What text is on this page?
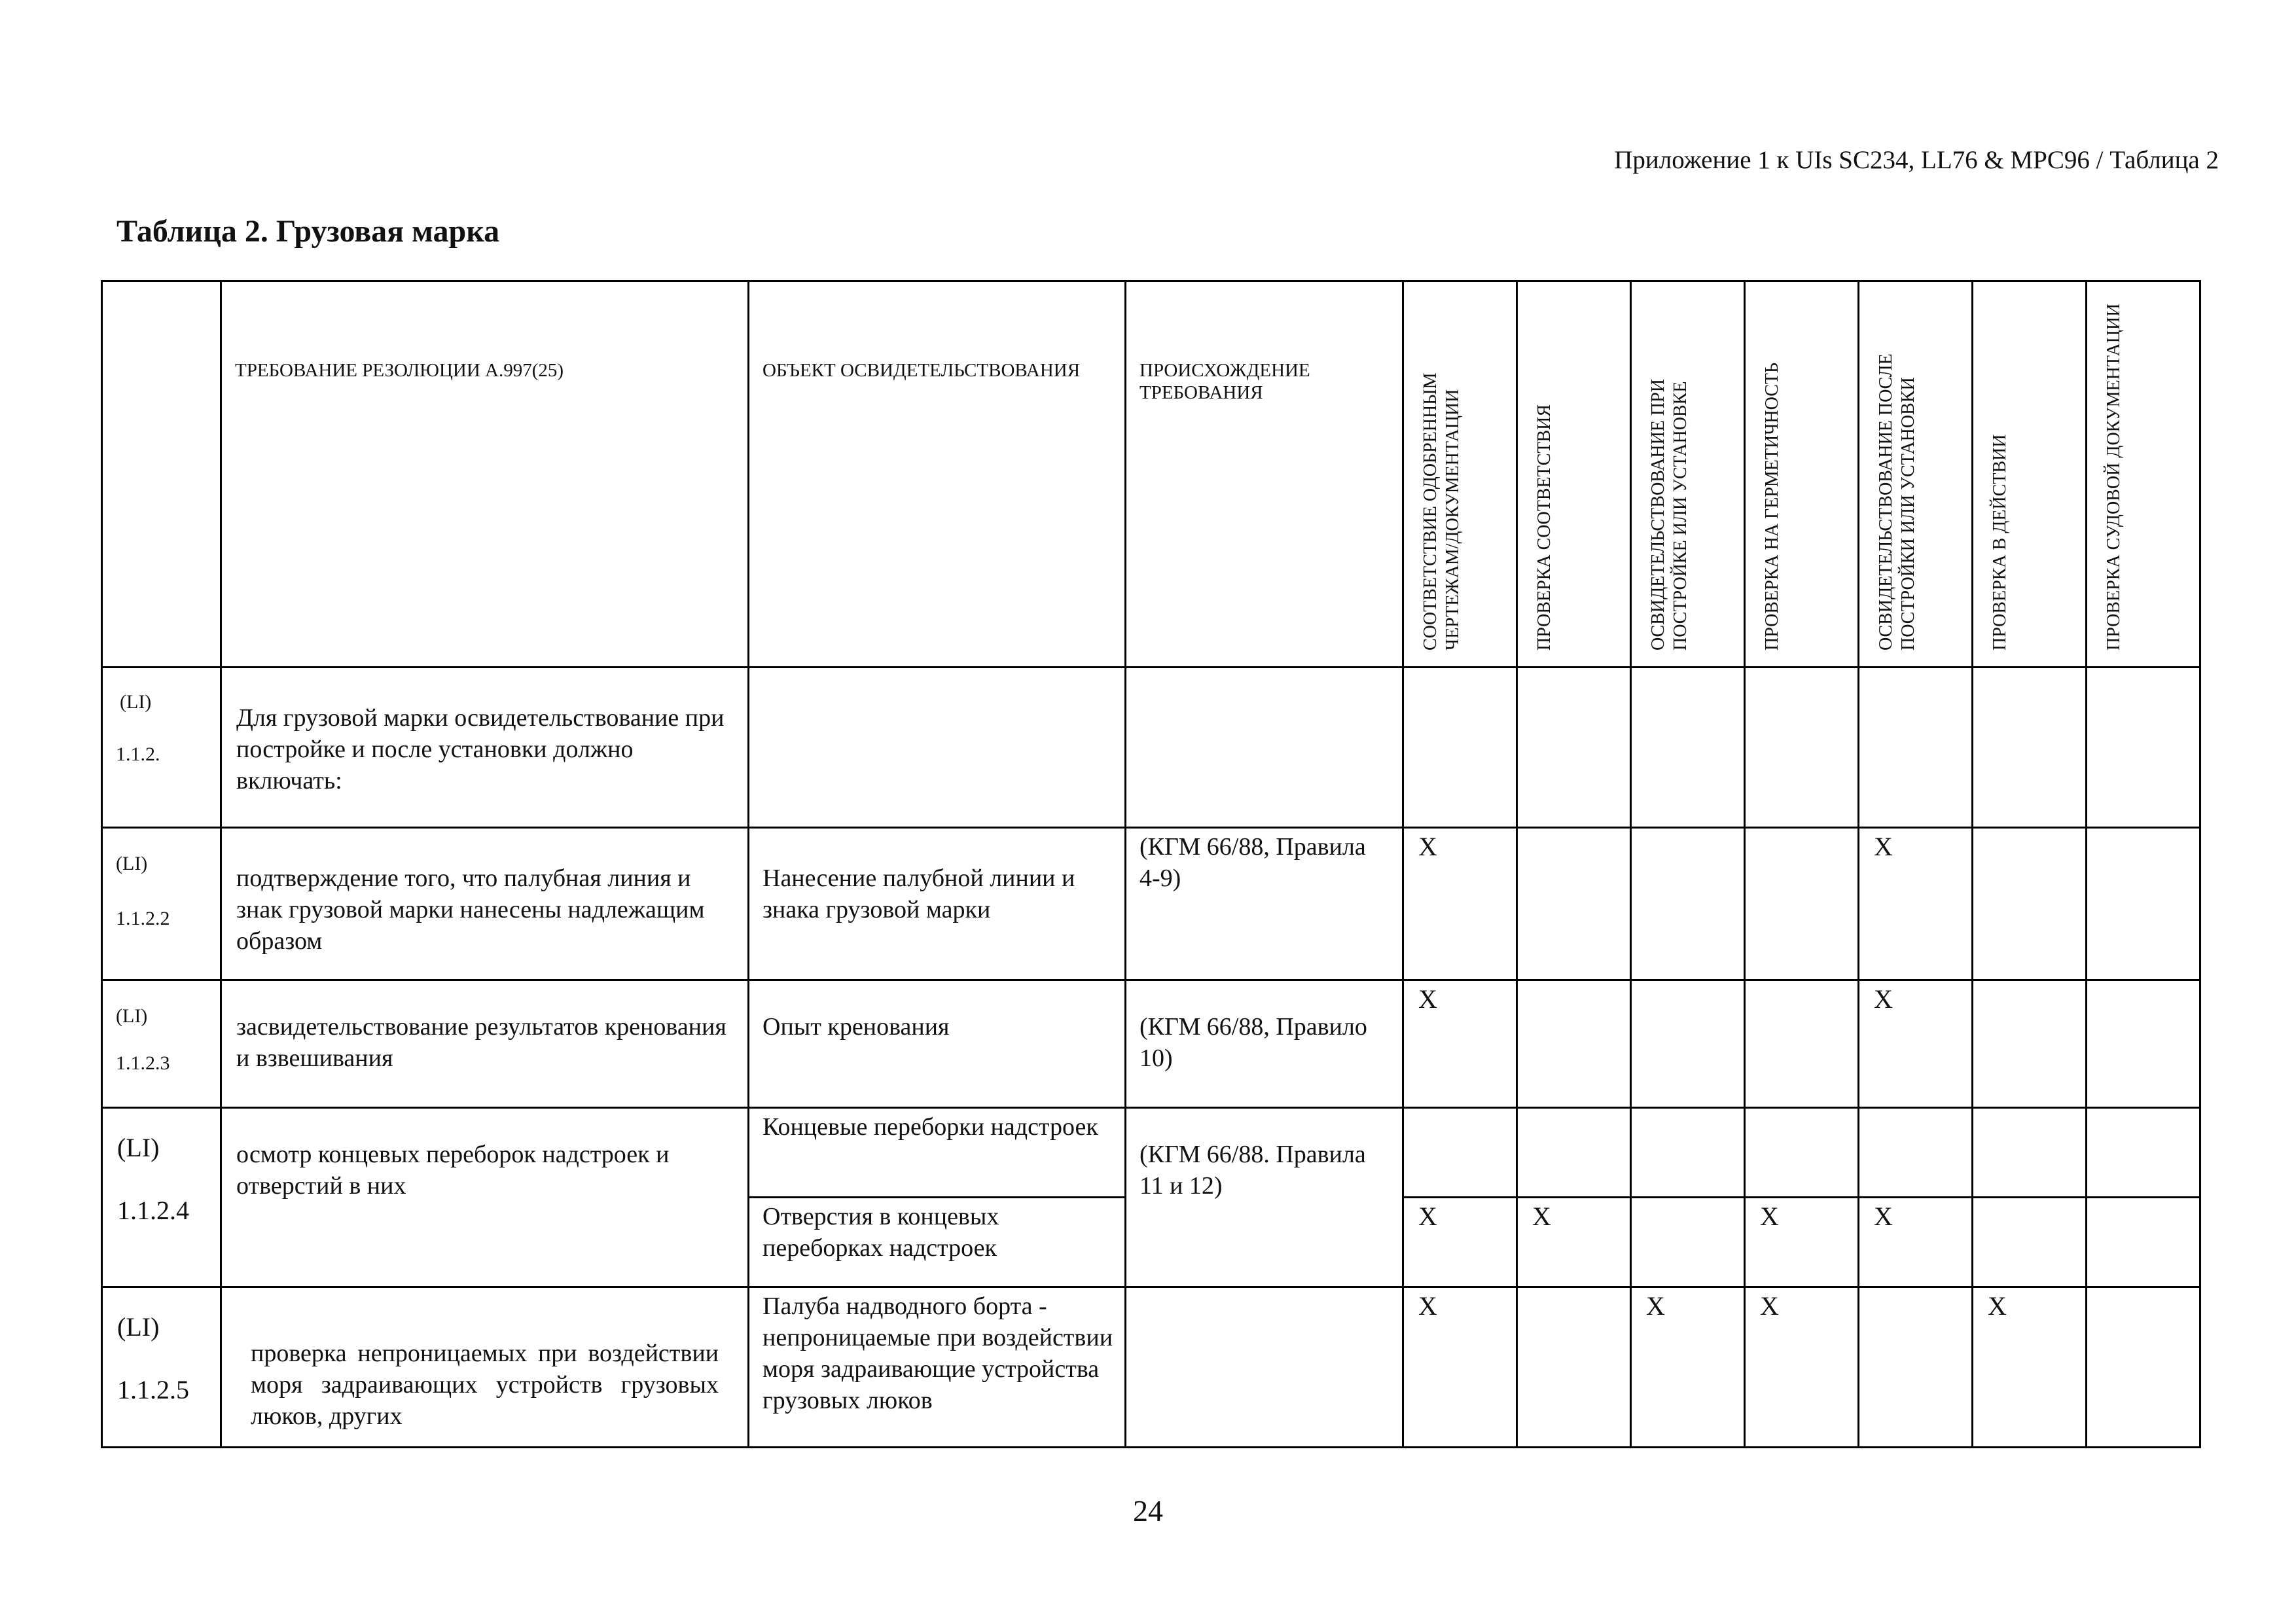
Приложение 1 к UIs SC234, LL76 & MPC96 / Таблица 2
Таблица 2. Грузовая марка

	ТРЕБОВАНИЕ РЕЗОЛЮЦИИ А.997(25)	ОБЪЕКТ ОСВИДЕТЕЛЬСТВОВАНИЯ	ПРОИСХОЖДЕНИЕ ТРЕБОВАНИЯ	СООТВЕТСТВИЕ ОДОБРЕННЫМ ЧЕРТЕЖАМ/ДОКУМЕНТАЦИИ	ПРОВЕРКА СООТВЕТСТВИЯ	ОСВИДЕТЕЛЬСТВОВАНИЕ ПРИ ПОСТРОЙКЕ ИЛИ УСТАНОВКЕ	ПРОВЕРКА НА ГЕРМЕТИЧНОСТЬ	ОСВИДЕТЕЛЬСТВОВАНИЕ ПОСЛЕ ПОСТРОЙКИ ИЛИ УСТАНОВКИ	ПРОВЕРКА В ДЕЙСТВИИ	ПРОВЕРКА СУДОВОЙ ДОКУМЕНТАЦИИ

(LI)
1.1.2.	Для грузовой марки освидетельствование при постройке и после установки должно включать:									

(LI)
1.1.2.2	подтверждение того, что палубная линия и знак грузовой марки нанесены надлежащим образом	Нанесение палубной линии и знака грузовой марки	(КГМ 66/88, Правила 4-9)	X				X		

(LI)
1.1.2.3	засвидетельствование результатов кренования и взвешивания	Опыт кренования	(КГМ 66/88, Правило 10)	X				X		

(LI)
1.1.2.4	осмотр концевых переборок надстроек и отверстий в них	Концевые переборки надстроек	(КГМ 66/88. Правила 11 и 12)							

		Отверстия в концевых переборках надстроек		X	X		X	X		

(LI)
1.1.2.5	проверка непроницаемых при воздействии моря задраивающих устройств грузовых люков, других	Палуба надводного борта - непроницаемые при воздействии моря задраивающие устройства грузовых люков		X		X	X		X	

24
